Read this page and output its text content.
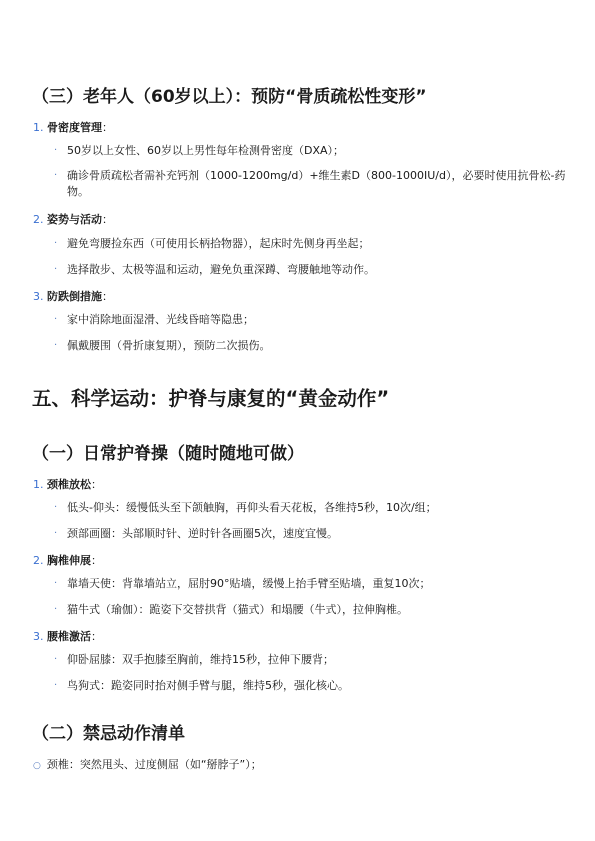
（三）老年人（60岁以上）：预防“骨质疏松性变形”
1. 骨密度管理：
· 50岁以上女性、60岁以上男性每年检测骨密度（DXA）；
· 确诊骨质疏松者需补充钙剂（1000-1200mg/d）+维生素D（800-1000IU/d），必要时使用抗骨松-药物。
2. 姿势与活动：
· 避免弯腰捡东西（可使用长柄拾物器），起床时先侧身再坐起；
· 选择散步、太极等温和运动，避免负重深蹲、弯腰触地等动作。
3. 防跌倒措施：
· 家中消除地面湿滑、光线昏暗等隐患；
· 佩戴腰围（骨折康复期），预防二次损伤。
五、科学运动：护脊与康复的“黄金动作”
（一）日常护脊操（随时随地可做）
1. 颈椎放松：
· 低头-仰头：缓慢低头至下颌触胸，再仰头看天花板，各维持5秒，10次/组；
· 颈部画圈：头部顺时针、逆时针各画圈5次，速度宜慢。
2. 胸椎伸展：
· 靠墙天使：背靠墙站立，屈肘90°贴墙，缓慢上抬手臂至贴墙，重复10次；
· 猫牛式（瑜伽）：跪姿下交替拱背（猫式）和塌腰（牛式），拉伸胸椎。
3. 腰椎激活：
· 仰卧屈膝：双手抱膝至胸前，维持15秒，拉伸下腰背；
· 鸟狗式：跪姿同时抬对侧手臂与腿，维持5秒，强化核心。
（二）禁忌动作清单
○ 颈椎：突然甩头、过度侧屈（如“掰脖子”）；
